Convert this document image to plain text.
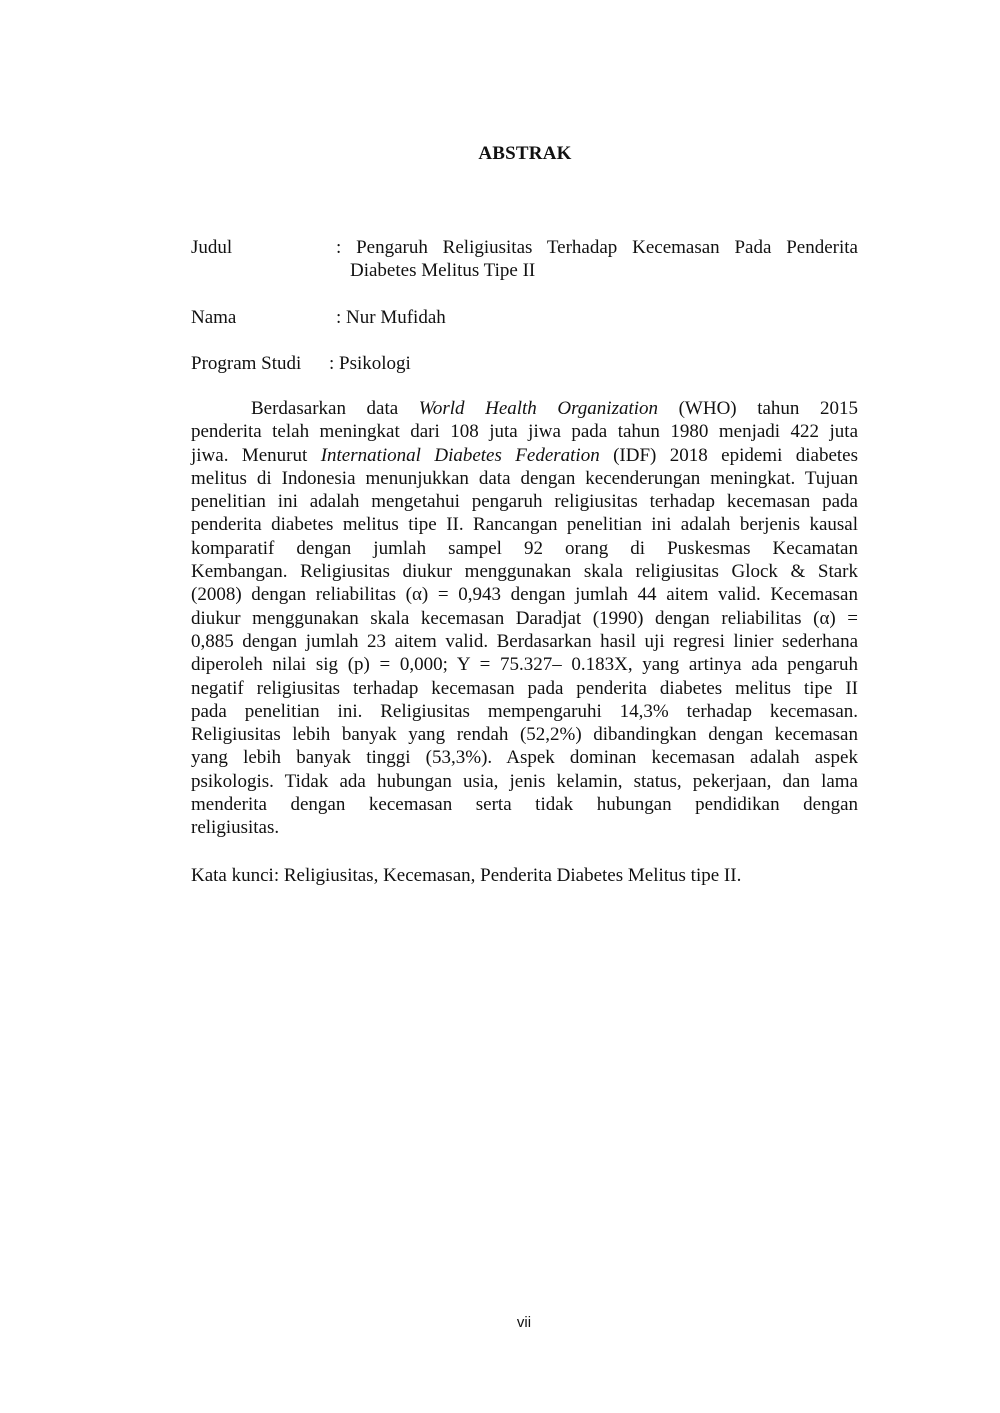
ABSTRAK
Judul	: Pengaruh Religiusitas Terhadap Kecemasan Pada Penderita
Diabetes Melitus Tipe II
Nama	: Nur Mufidah
Program Studi : Psikologi
Berdasarkan data World Health Organization (WHO) tahun 2015
penderita telah meningkat dari 108 juta jiwa pada tahun 1980 menjadi 422 juta
jiwa. Menurut International Diabetes Federation (IDF) 2018 epidemi diabetes
melitus di Indonesia menunjukkan data dengan kecenderungan meningkat. Tujuan
penelitian ini adalah mengetahui pengaruh religiusitas terhadap kecemasan pada
penderita diabetes melitus tipe II. Rancangan penelitian ini adalah berjenis kausal
komparatif dengan jumlah sampel 92 orang di Puskesmas Kecamatan
Kembangan. Religiusitas diukur menggunakan skala religiusitas Glock & Stark
(2008) dengan reliabilitas (α) = 0,943 dengan jumlah 44 aitem valid. Kecemasan
diukur menggunakan skala kecemasan Daradjat (1990) dengan reliabilitas (α) =
0,885 dengan jumlah 23 aitem valid. Berdasarkan hasil uji regresi linier sederhana
diperoleh nilai sig (p) = 0,000; Y = 75.327– 0.183X, yang artinya ada pengaruh
negatif religiusitas terhadap kecemasan pada penderita diabetes melitus tipe II
pada penelitian ini. Religiusitas mempengaruhi 14,3% terhadap kecemasan.
Religiusitas lebih banyak yang rendah (52,2%) dibandingkan dengan kecemasan
yang lebih banyak tinggi (53,3%). Aspek dominan kecemasan adalah aspek
psikologis. Tidak ada hubungan usia, jenis kelamin, status, pekerjaan, dan lama
menderita dengan kecemasan serta tidak hubungan pendidikan dengan
religiusitas.
Kata kunci: Religiusitas, Kecemasan, Penderita Diabetes Melitus tipe II.
vii
